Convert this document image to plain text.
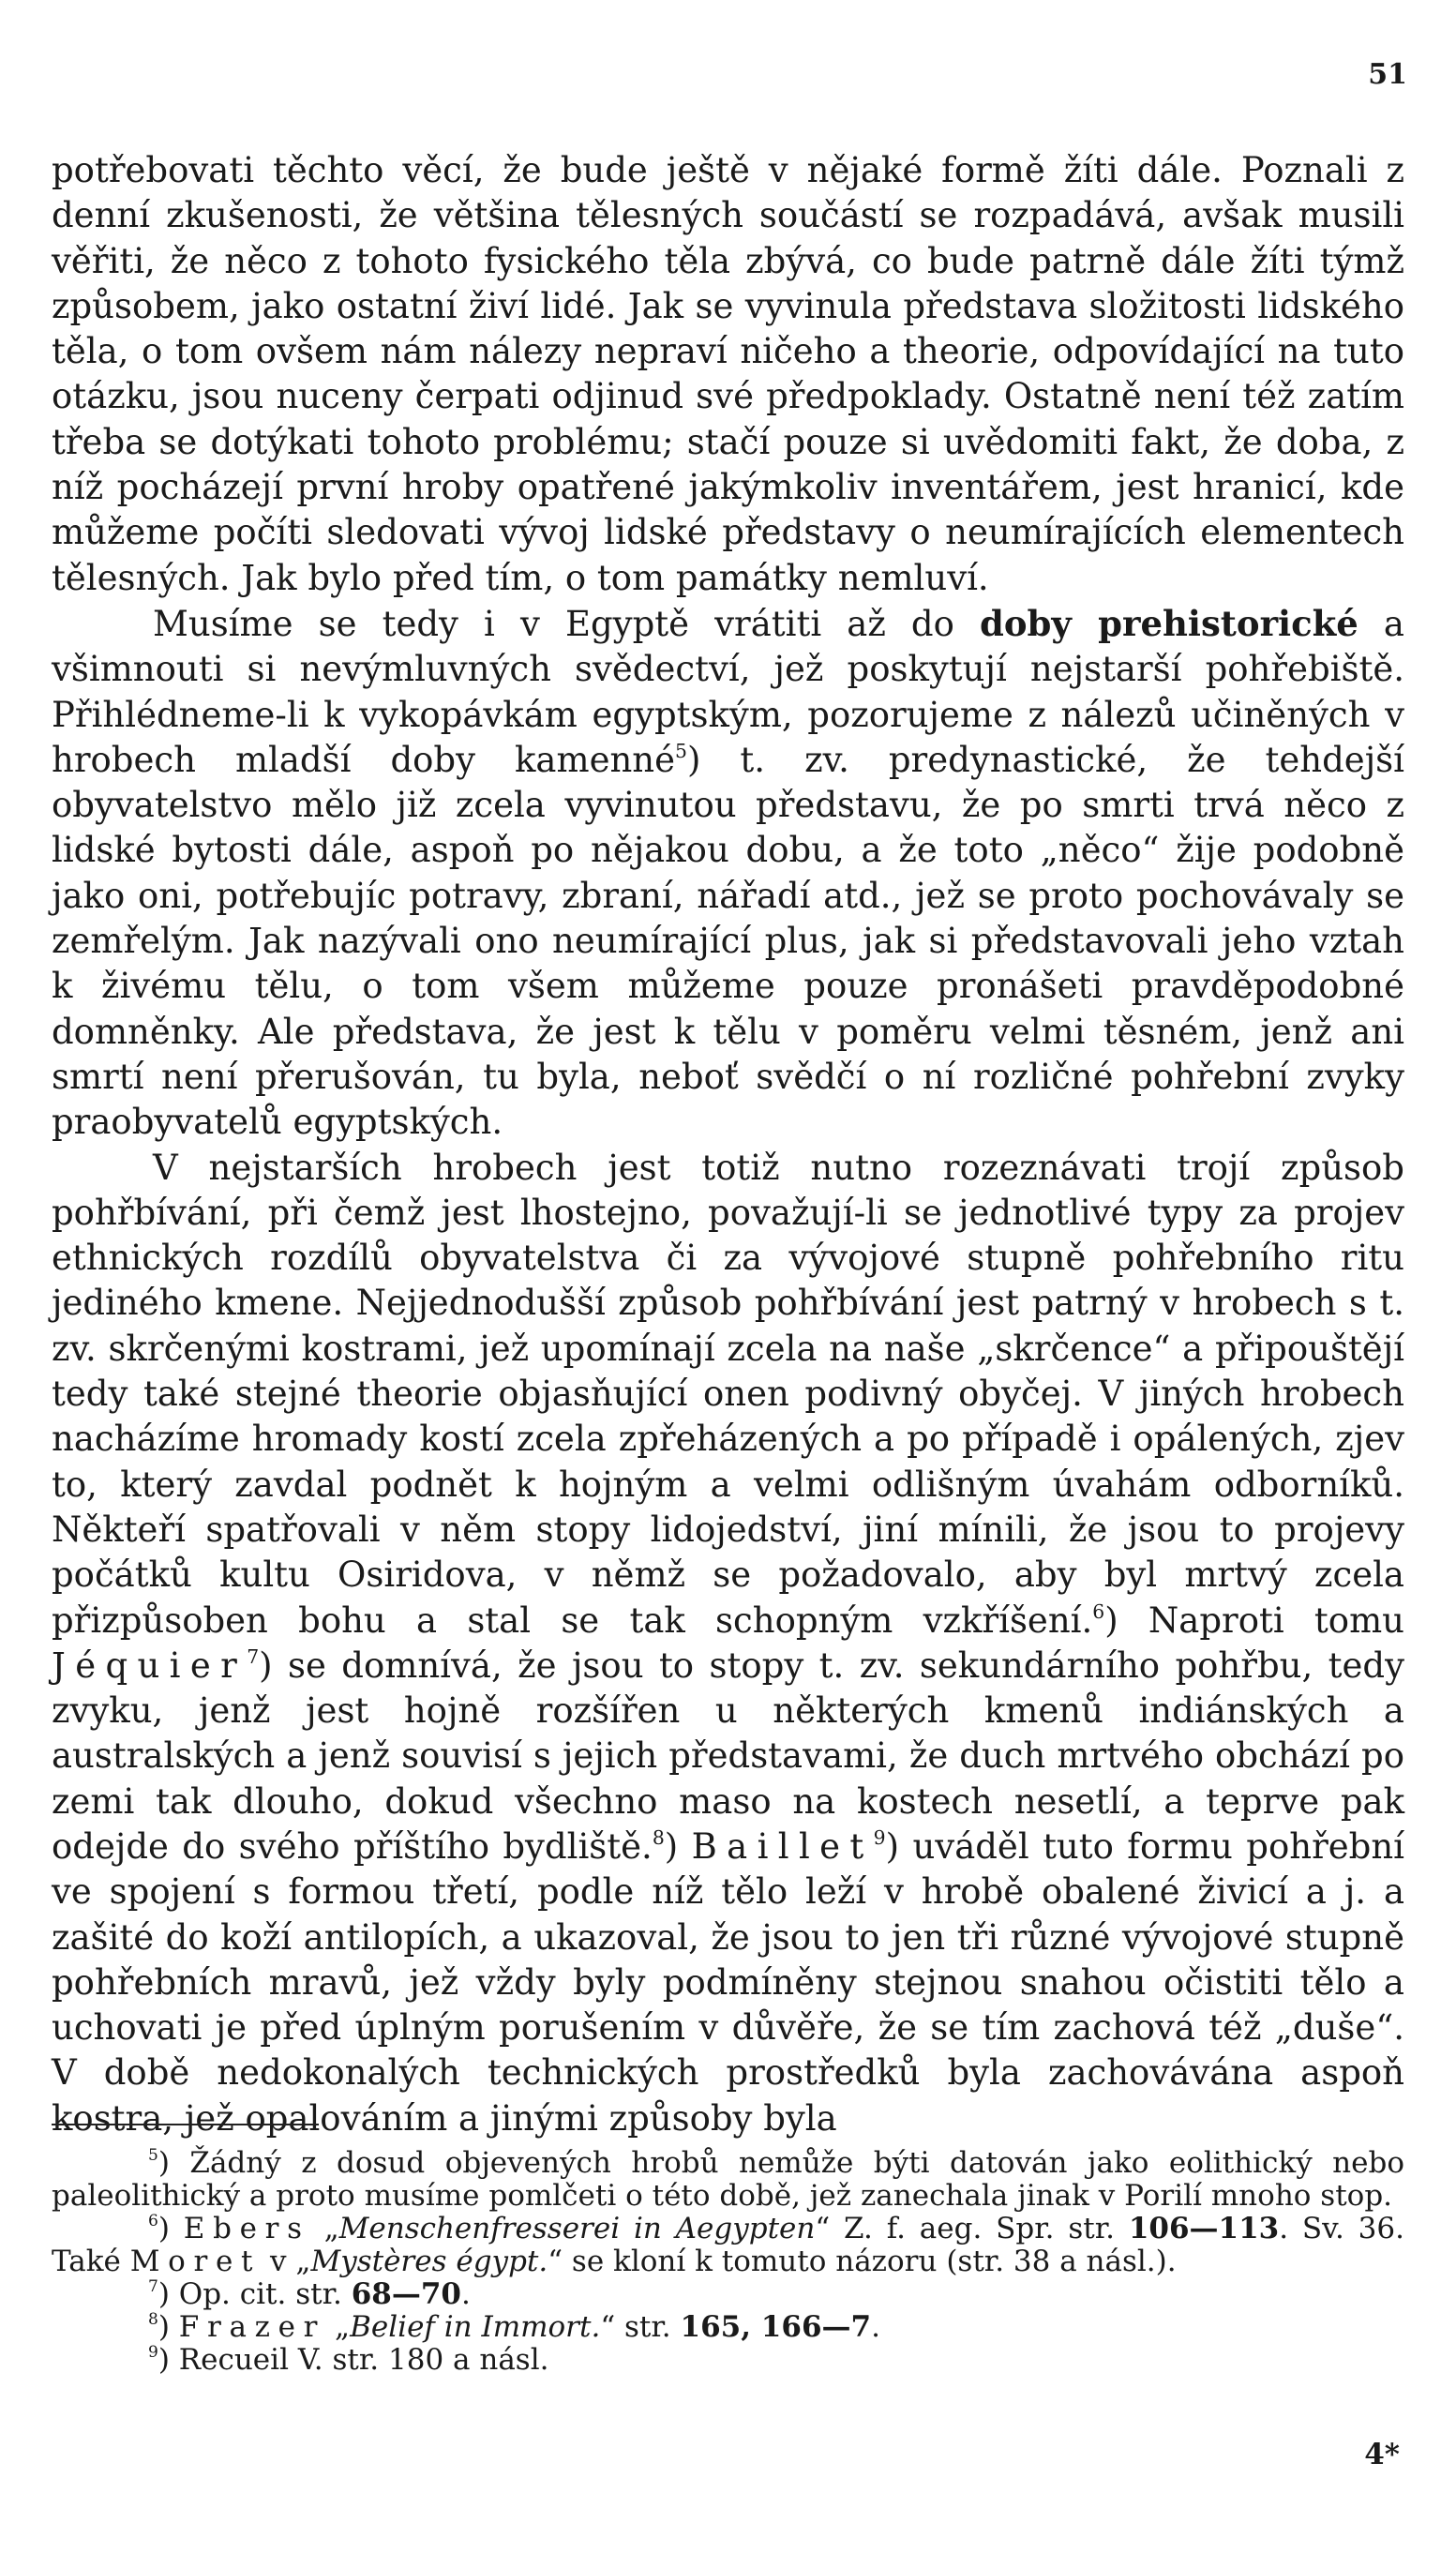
51

potřebovati těchto věcí, že bude ještě v nějaké formě žíti dále. Poznali z denní zkušenosti, že většina tělesných součástí se rozpadává, avšak musili věřiti, že něco z tohoto fysického těla zbývá, co bude patrně dále žíti týmž způsobem, jako ostatní živí lidé. Jak se vyvinula představa složitosti lidského těla, o tom ovšem nám nálezy nepraví ničeho a theorie, odpovídající na tuto otázku, jsou nuceny čerpati odjinud své předpoklady. Ostatně není též zatím třeba se dotýkati tohoto problému; stačí pouze si uvědomiti fakt, že doba, z níž pocházejí první hroby opatřené jakýmkoliv inventářem, jest hranicí, kde můžeme počíti sledovati vývoj lidské představy o neumírajících elementech tělesných. Jak bylo před tím, o tom památky nemluví.

Musíme se tedy i v Egyptě vrátiti až do doby prehistorické a všimnouti si nevýmluvných svědectví, jež poskytují nejstarší pohřebiště. Přihlédneme-li k vykopávkám egyptským, pozorujeme z nálezů učiněných v hrobech mladší doby kamenné$^5$) t. zv. predynastické, že tehdejší obyvatelstvo mělo již zcela vyvinutou představu, že po smrti trvá něco z lidské bytosti dále, aspoň po nějakou dobu, a že toto „něco“ žije podobně jako oni, potřebujíc potravy, zbraní, nářadí atd., jež se proto pochovávaly se zemřelým. Jak nazývali ono neumírající plus, jak si představovali jeho vztah k živému tělu, o tom všem můžeme pouze pronášeti pravděpodobné domněnky. Ale představa, že jest k tělu v poměru velmi těsném, jenž ani smrtí není přerušován, tu byla, neboť svědčí o ní rozličné pohřební zvyky praobyvatelů egyptských.

V nejstarších hrobech jest totiž nutno rozeznávati trojí způsob pohřbívání, při čemž jest lhostejno, považují-li se jednotlivé typy za projev ethnických rozdílů obyvatelstva či za vývojové stupně pohřebního ritu jediného kmene. Nejjednodušší způsob pohřbívání jest patrný v hrobech s t. zv. skrčenými kostrami, jež upomínají zcela na naše „skrčence“ a připouštějí tedy také stejné theorie objasňující onen podivný obyčej. V jiných hrobech nacházíme hromady kostí zcela zpřeházených a po případě i opálených, zjev to, který zavdal podnět k hojným a velmi odlišným úvahám odborníků. Někteří spatřovali v něm stopy lidojedství, jiní mínili, že jsou to projevy počátků kultu Osiridova, v němž se požadovalo, aby byl mrtvý zcela přizpůsoben bohu a stal se tak schopným vzkříšení.$^6$) Naproti tomu Jéquier$^7$) se domnívá, že jsou to stopy t. zv. sekundárního pohřbu, tedy zvyku, jenž jest hojně rozšířen u některých kmenů indiánských a australských a jenž souvisí s jejich představami, že duch mrtvého obchází po zemi tak dlouho, dokud všechno maso na kostech nesetlí, a teprve pak odejde do svého příštího bydliště.$^8$) Baillet$^9$) uváděl tuto formu pohřební ve spojení s formou třetí, podle níž tělo leží v hrobě obalené živicí a j. a zašité do koží antilopích, a ukazoval, že jsou to jen tři různé vývojové stupně pohřebních mravů, jež vždy byly podmíněny stejnou snahou očistiti tělo a uchovati je před úplným porušením v důvěře, že se tím zachová též „duše“. V době nedokonalých technických prostředků byla zachovávána aspoň kostra, jež opalováním a jinými způsoby byla

$^5$) Žádný z dosud objevených hrobů nemůže býti datován jako eolithický nebo paleolithický a proto musíme pomlčeti o této době, jež zanechala jinak v Porilí mnoho stop.

$^6$) Ebers „Menschenfresserei in Aegypten“ Z. f. aeg. Spr. str. 106—113. Sv. 36. Také Moret v „Mystères égypt.“ se kloní k tomuto názoru (str. 38 a násl.).

$^7$) Op. cit. str. 68—70.

$^8$) Frazer „Belief in Immort.“ str. 165, 166—7.

$^9$) Recueil V. str. 180 a násl.

4*
